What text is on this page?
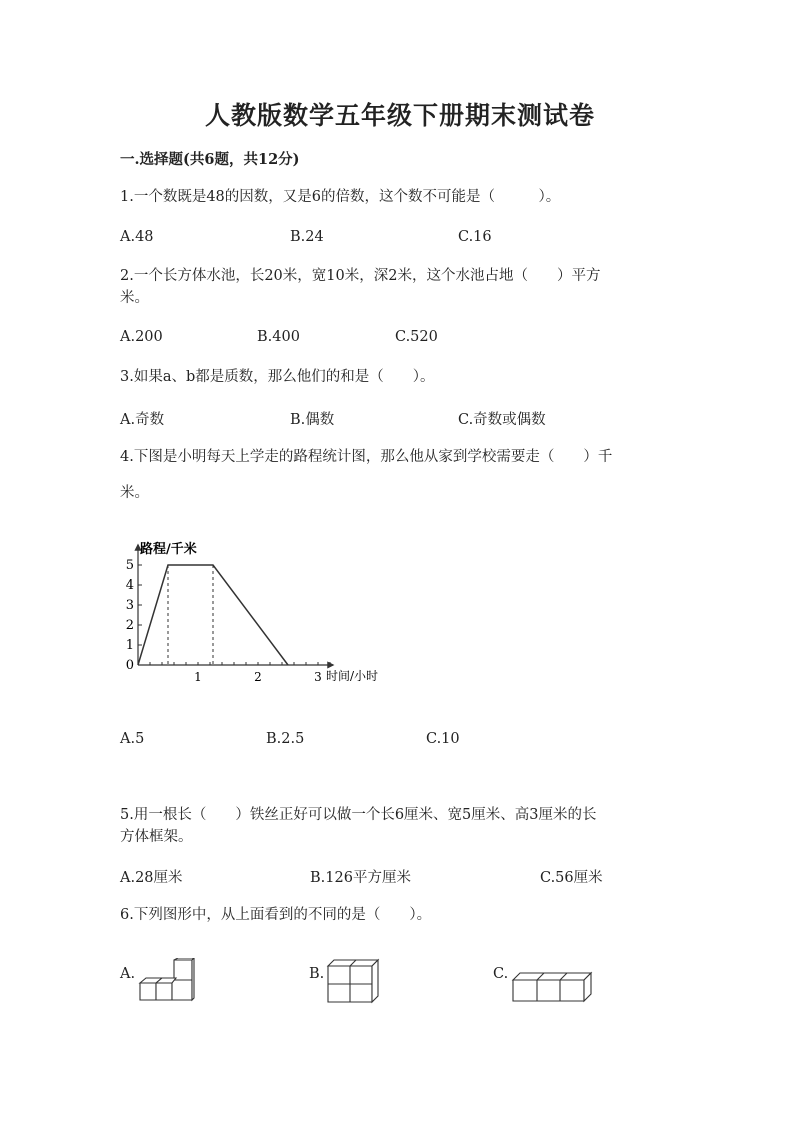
人教版数学五年级下册期末测试卷
一.选择题(共6题，共12分)
1.一个数既是48的因数，又是6的倍数，这个数不可能是（　　　）。
A.48	B.24	C.16
2.一个长方体水池，长20米，宽10米，深2米，这个水池占地（　　）平方
米。
A.200	B.400	C.520
3.如果a、b都是质数，那么他们的和是（　　）。
A.奇数	B.偶数	C.奇数或偶数
4.下图是小明每天上学走的路程统计图，那么他从家到学校需要走（　　）千
米。
0
1
2
3
4
5
1	2	3
路程/千米
时间/小时
A.5	B.2.5	C.10
5.用一根长（　　）铁丝正好可以做一个长6厘米、宽5厘米、高3厘米的长
方体框架。
A.28厘米	B.126平方厘米	C.56厘米
6.下列图形中，从上面看到的不同的是（　　）。
A.	B.	C.
